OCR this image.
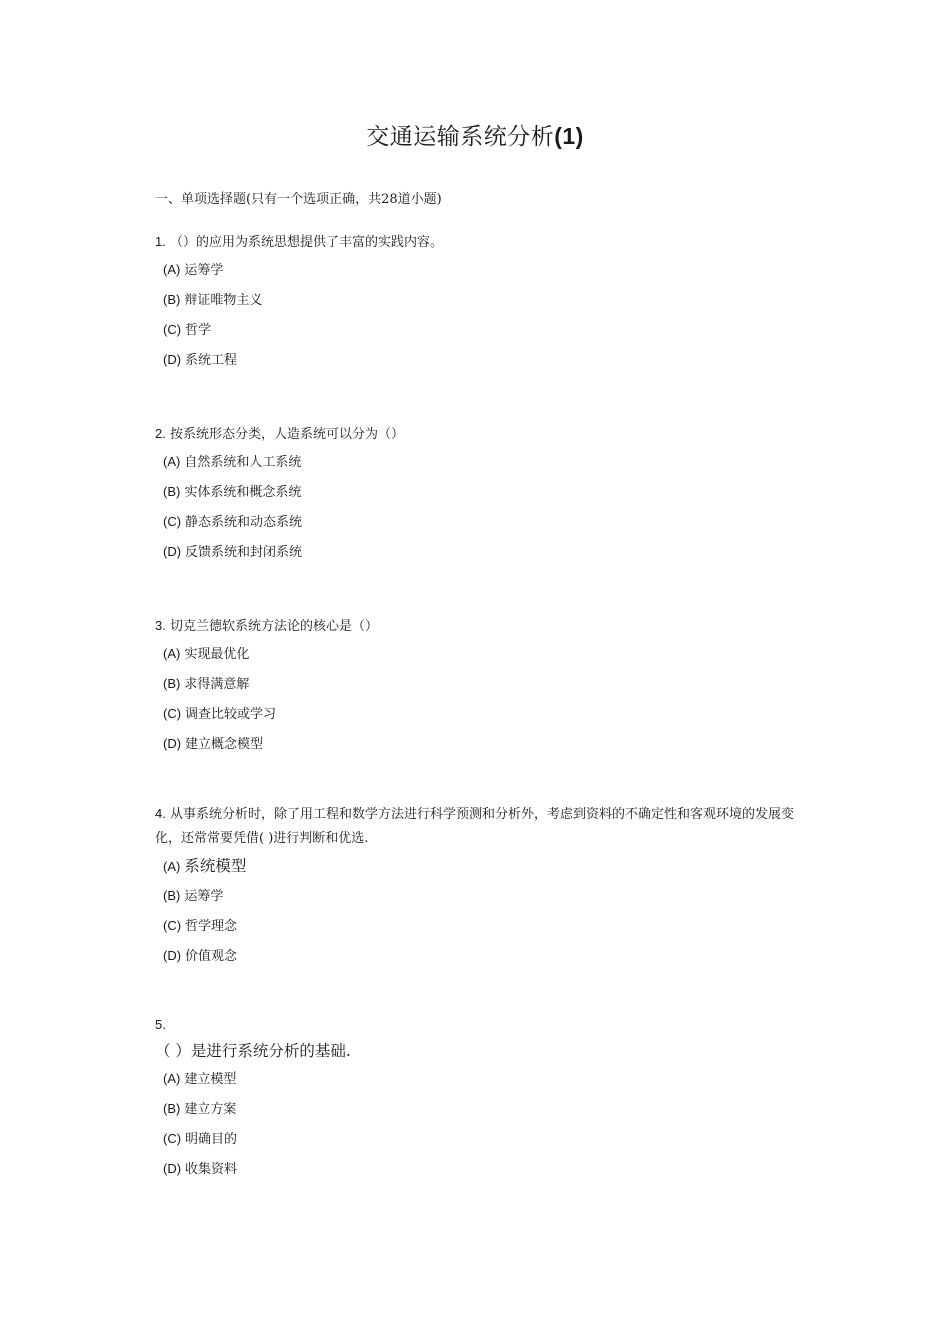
交通运输系统分析(1)
一、单项选择题(只有一个选项正确，共28道小题)
1. （）的应用为系统思想提供了丰富的实践内容。
(A) 运筹学
(B) 辩证唯物主义
(C) 哲学
(D) 系统工程
2. 按系统形态分类，人造系统可以分为（）
(A) 自然系统和人工系统
(B) 实体系统和概念系统
(C) 静态系统和动态系统
(D) 反馈系统和封闭系统
3. 切克兰德软系统方法论的核心是（）
(A) 实现最优化
(B) 求得满意解
(C) 调查比较或学习
(D) 建立概念模型
4. 从事系统分析时，除了用工程和数学方法进行科学预测和分析外，考虑到资料的不确定性和客观环境的发展变化，还常常要凭借( )进行判断和优选.
(A) 系统模型
(B) 运筹学
(C) 哲学理念
(D) 价值观念
5.
（ ）是进行系统分析的基础.
(A) 建立模型
(B) 建立方案
(C) 明确目的
(D) 收集资料
